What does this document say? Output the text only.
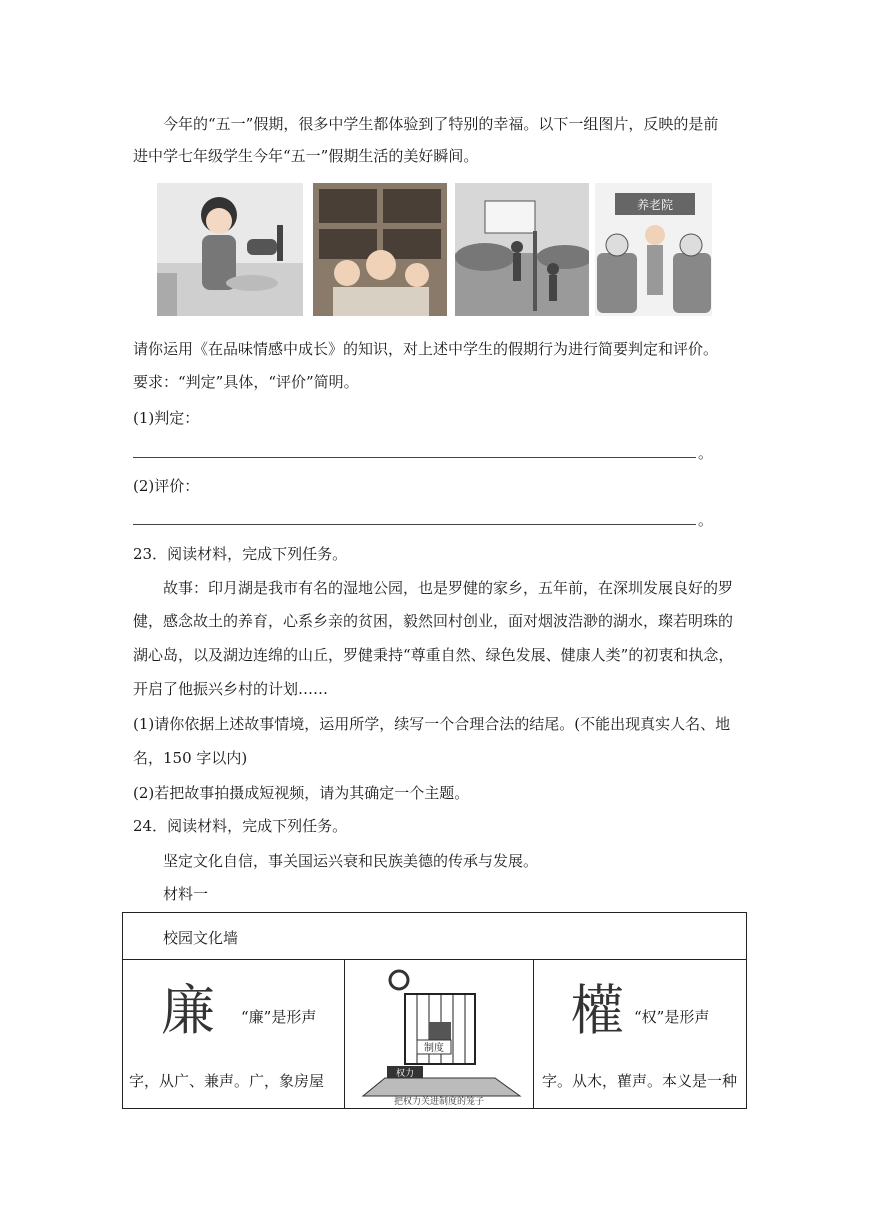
今年的“五一”假期，很多中学生都体验到了特别的幸福。以下一组图片，反映的是前
进中学七年级学生今年“五一”假期生活的美好瞬间。
养老院
请你运用《在品味情感中成长》的知识，对上述中学生的假期行为进行简要判定和评价。
要求：“判定”具体，“评价”简明。
(1)判定：
。
(2)评价：
。
23．阅读材料，完成下列任务。
故事：印月湖是我市有名的湿地公园，也是罗健的家乡，五年前，在深圳发展良好的罗
健，感念故土的养育，心系乡亲的贫困，毅然回村创业，面对烟波浩渺的湖水，璨若明珠的
湖心岛，以及湖边连绵的山丘，罗健秉持“尊重自然、绿色发展、健康人类”的初衷和执念，
开启了他振兴乡村的计划……
(1)请你依据上述故事情境，运用所学，续写一个合理合法的结尾。(不能出现真实人名、地
名，150 字以内)
(2)若把故事拍摄成短视频，请为其确定一个主题。
24．阅读材料，完成下列任务。
坚定文化自信，事关国运兴衰和民族美德的传承与发展。
材料一
校园文化墙

廉 “廉”是形声
字，从广、兼声。广，象房屋

制度
权力
把权力关进制度的笼子

權 “权”是形声
字。从木，雚声。本义是一种
